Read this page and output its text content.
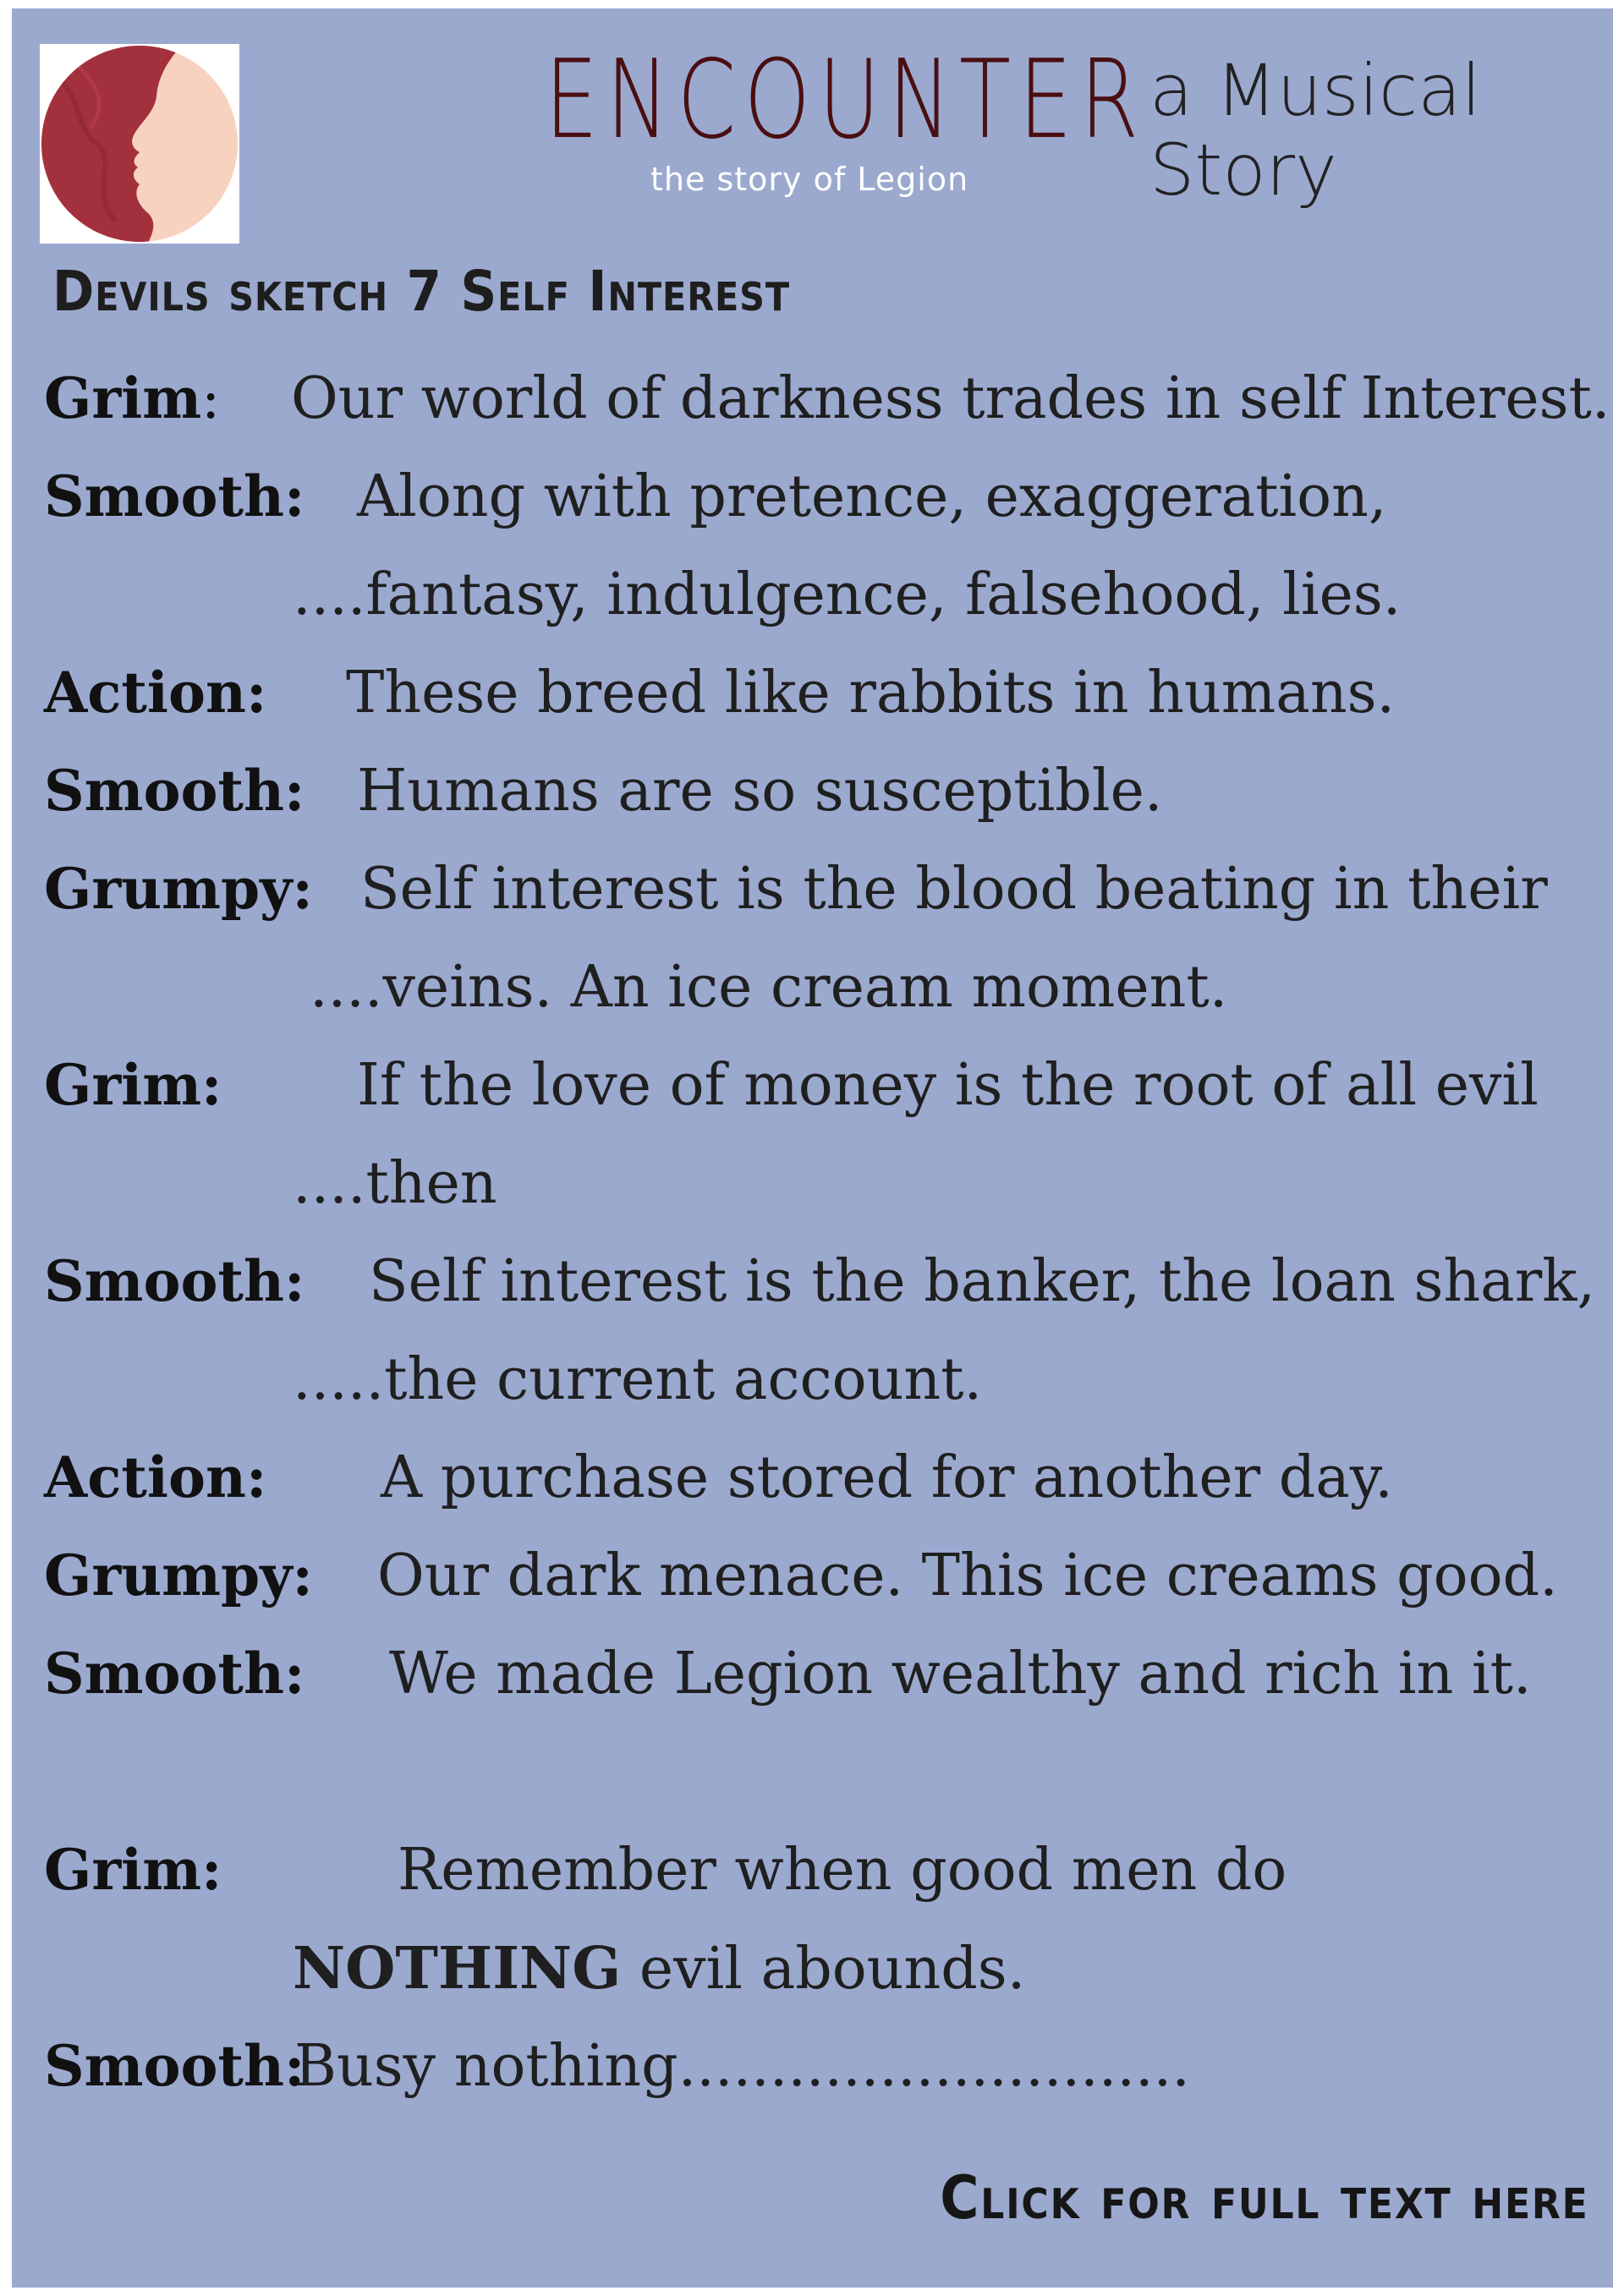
ENCOUNTER
the story of Legion
a Musical
Story
Devils sketch 7 Self Interest
Grim: Our world of darkness trades in self Interest.
Smooth: Along with pretence, exaggeration,
....fantasy, indulgence, falsehood, lies.
Action: These breed like rabbits in humans.
Smooth: Humans are so susceptible.
Grumpy: Self interest is the blood beating in their
....veins. An ice cream moment.
Grim: If the love of money is the root of all evil
....then
Smooth: Self interest is the banker, the loan shark,
.....the current account.
Action: A purchase stored for another day.
Grumpy: Our dark menace. This ice creams good.
Smooth: We made Legion wealthy and rich in it.
Grim:	Remember when good men do
NOTHING evil abounds.
Smooth:
Busy nothing............................
Click for full text here
